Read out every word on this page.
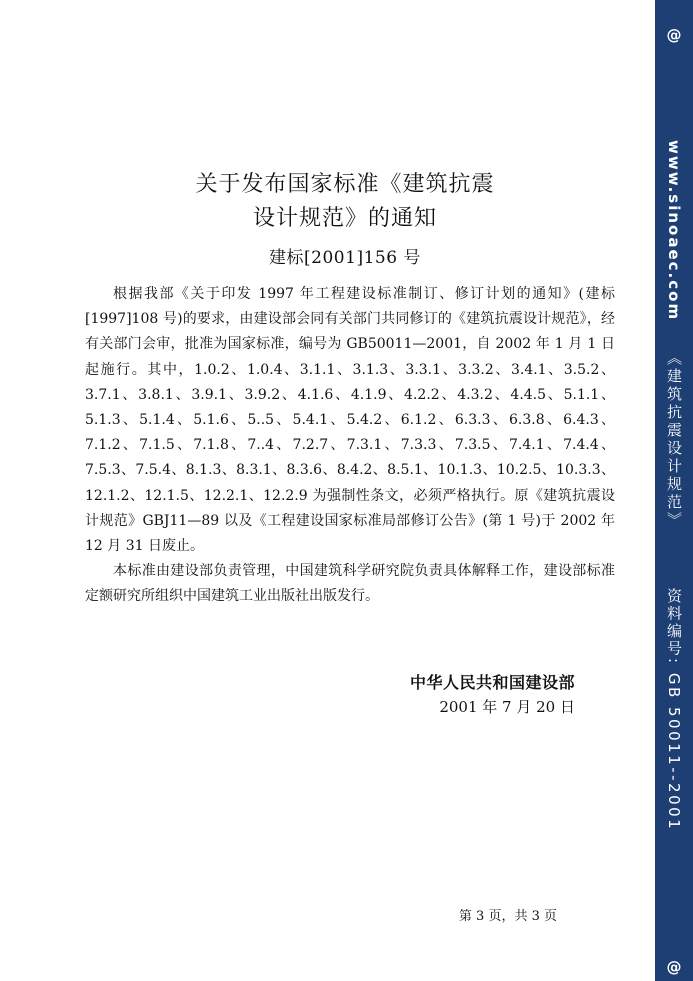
关于发布国家标准《建筑抗震
设计规范》的通知
建标[2001]156 号

根据我部《关于印发 1997 年工程建设标准制订、修订计划的通知》(建标[1997]108 号)的要求，由建设部会同有关部门共同修订的《建筑抗震设计规范》，经有关部门会审，批准为国家标准，编号为 GB50011—2001，自 2002 年 1 月 1 日起施行。其中，1.0.2、1.0.4、3.1.1、3.1.3、3.3.1、3.3.2、3.4.1、3.5.2、3.7.1、3.8.1、3.9.1、3.9.2、4.1.6、4.1.9、4.2.2、4.3.2、4.4.5、5.1.1、5.1.3、5.1.4、5.1.6、5..5、5.4.1、5.4.2、6.1.2、6.3.3、6.3.8、6.4.3、7.1.2、7.1.5、7.1.8、7..4、7.2.7、7.3.1、7.3.3、7.3.5、7.4.1、7.4.4、7.5.3、7.5.4、8.1.3、8.3.1、8.3.6、8.4.2、8.5.1、10.1.3、10.2.5、10.3.3、12.1.2、12.1.5、12.2.1、12.2.9 为强制性条文，必须严格执行。原《建筑抗震设计规范》GBJ11—89 以及《工程建设国家标准局部修订公告》(第 1 号)于 2002 年 12 月 31 日废止。

本标准由建设部负责管理，中国建筑科学研究院负责具体解释工作，建设部标准定额研究所组织中国建筑工业出版社出版发行。

中华人民共和国建设部
2001 年 7 月 20 日
第 3 页，共 3 页
@
www.sinoaec.com
《建筑抗震设计规范》
资料编号: GB 50011--2001
@
